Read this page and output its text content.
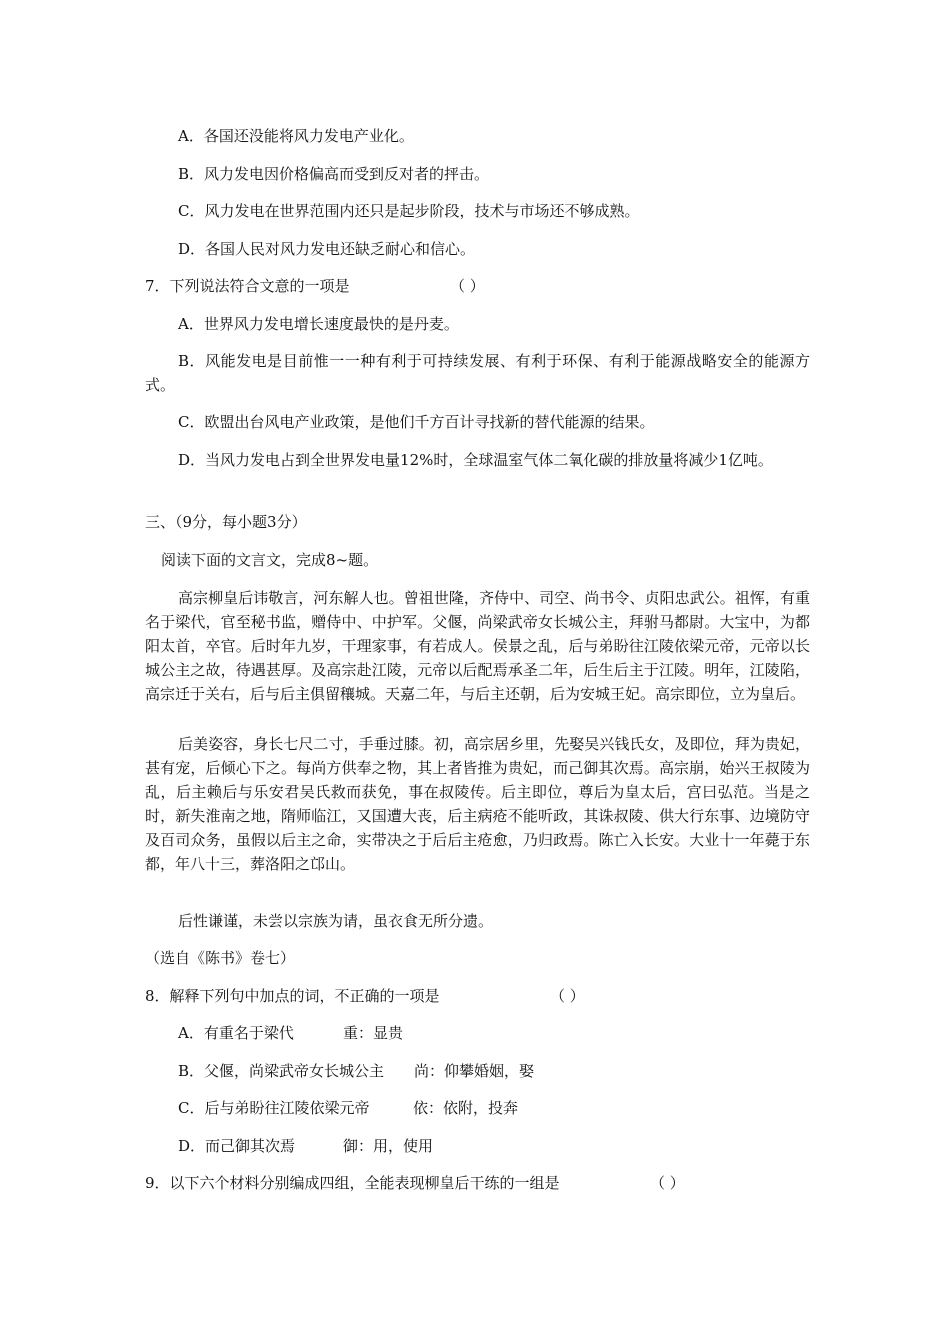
A．各国还没能将风力发电产业化。
B．风力发电因价格偏高而受到反对者的抨击。
C．风力发电在世界范围内还只是起步阶段，技术与市场还不够成熟。
D．各国人民对风力发电还缺乏耐心和信心。
7．下列说法符合文意的一项是	（ ）
A．世界风力发电增长速度最快的是丹麦。
B．风能发电是目前惟一一种有利于可持续发展、有利于环保、有利于能源战略安全的能源方式。
C．欧盟出台风电产业政策，是他们千方百计寻找新的替代能源的结果。
D．当风力发电占到全世界发电量12%时，全球温室气体二氧化碳的排放量将减少1亿吨。
三、（9分，每小题3分）
阅读下面的文言文，完成8~题。
高宗柳皇后讳敬言，河东解人也。曾祖世隆，齐侍中、司空、尚书令、贞阳忠武公。祖恽，有重名于梁代，官至秘书监，赠侍中、中护军。父偃，尚梁武帝女长城公主，拜驸马都尉。大宝中，为都阳太首，卒官。后时年九岁，干理家事，有若成人。侯景之乱，后与弟盼往江陵依梁元帝，元帝以长城公主之故，待遇甚厚。及高宗赴江陵，元帝以后配焉承圣二年，后生后主于江陵。明年，江陵陷，高宗迁于关右，后与后主俱留穰城。天嘉二年，与后主还朝，后为安城王妃。高宗即位，立为皇后。
后美姿容，身长七尺二寸，手垂过膝。初，高宗居乡里，先娶吴兴钱氏女，及即位，拜为贵妃，甚有宠，后倾心下之。每尚方供奉之物，其上者皆推为贵妃，而己御其次焉。高宗崩，始兴王叔陵为乱，后主赖后与乐安君吴氏救而获免，事在叔陵传。后主即位，尊后为皇太后，宫曰弘范。当是之时，新失淮南之地，隋师临江，又国遭大丧，后主病疮不能听政，其诛叔陵、供大行东事、边境防守及百司众务，虽假以后主之命，实带决之于后后主疮愈，乃归政焉。陈亡入长安。大业十一年薨于东都，年八十三，葬洛阳之邙山。
后性谦谨，未尝以宗族为请，虽衣食无所分遗。
（选自《陈书》卷七）
8．解释下列句中加点的词，不正确的一项是	（ ）
A．有重名于梁代	重：显贵
B．父偃，尚梁武帝女长城公主 尚：仰攀婚姻，娶
C．后与弟盼往江陵依梁元帝	依：依附，投奔
D．而己御其次焉	御：用，使用
9．以下六个材料分别编成四组，全能表现柳皇后干练的一组是	（ ）
